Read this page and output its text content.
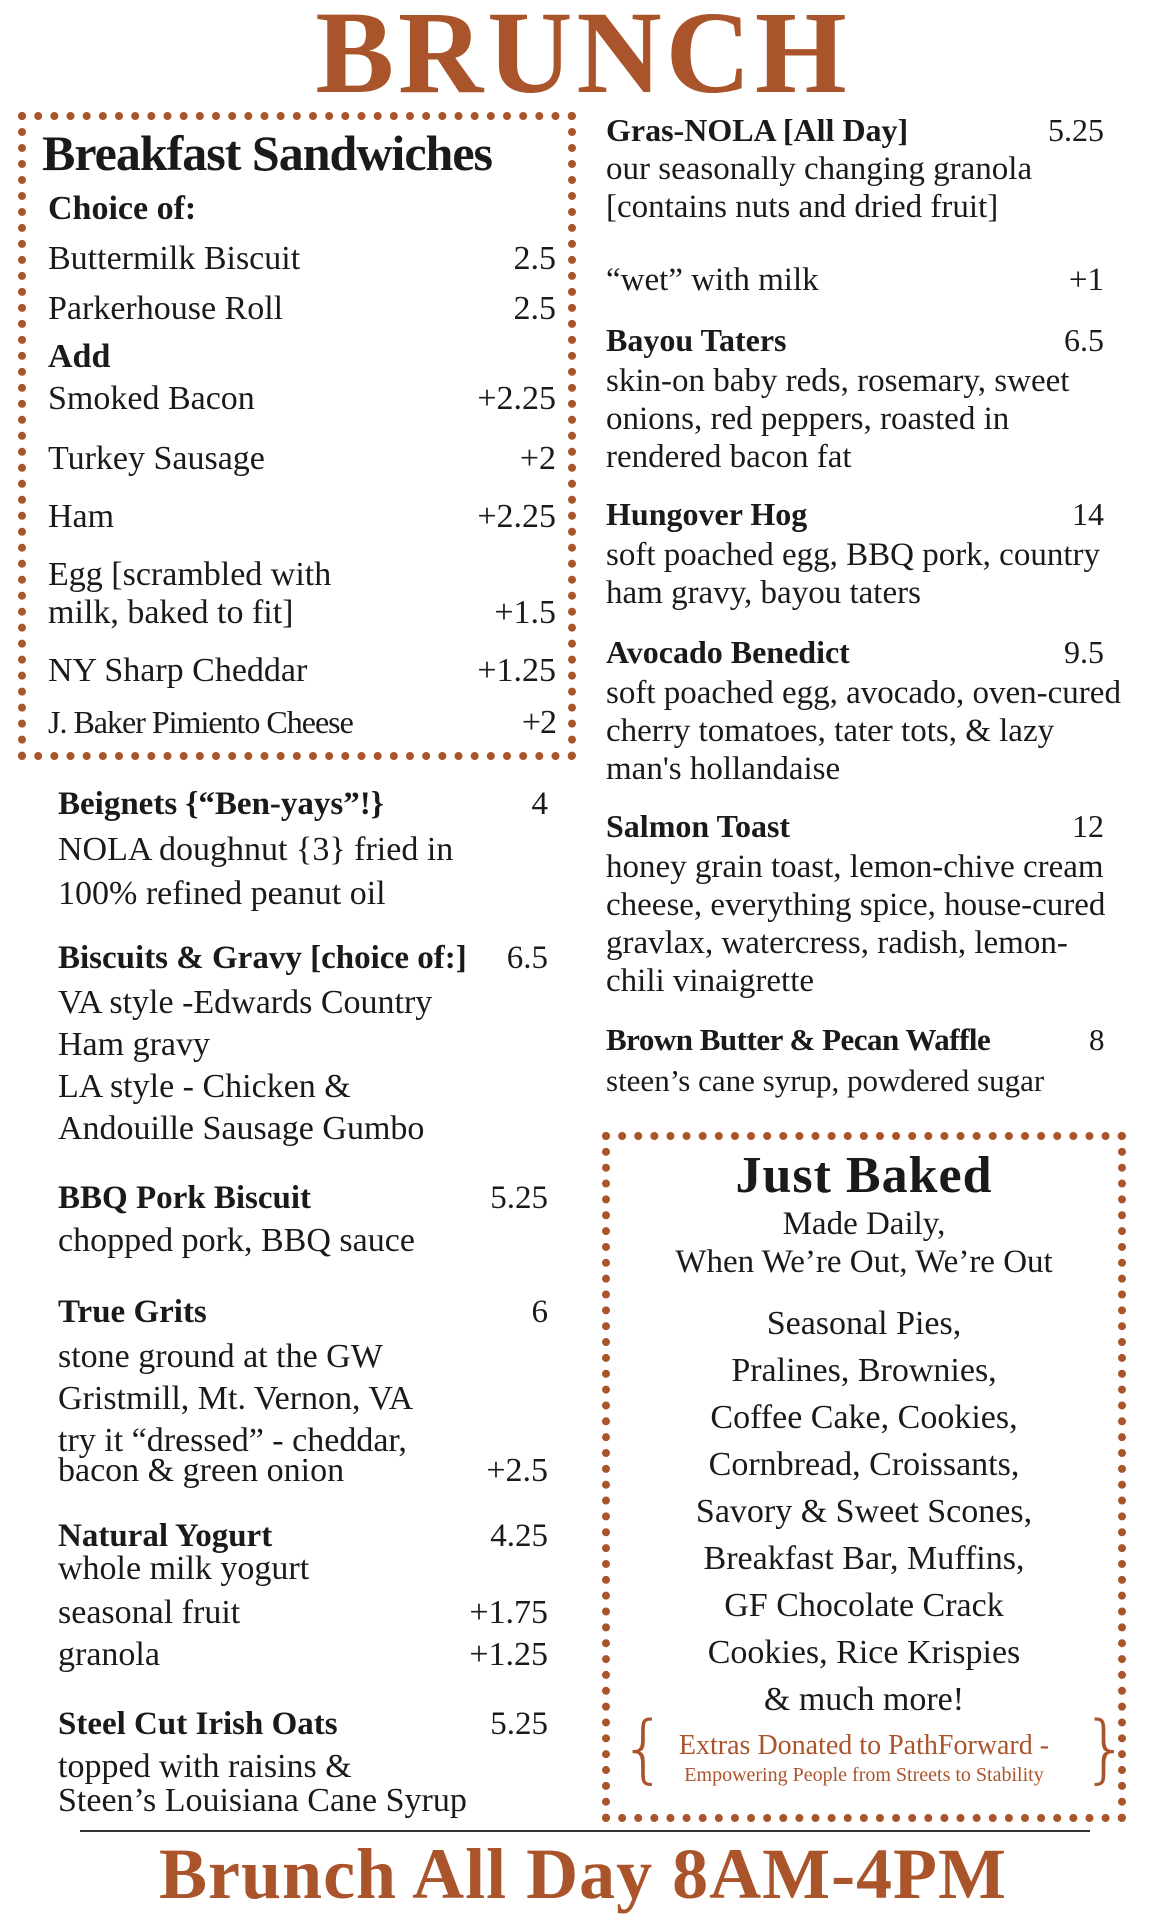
BRUNCH
Breakfast Sandwiches
Choice of:
Buttermilk Biscuit	2.5
Parkerhouse Roll	2.5
Add
Smoked Bacon	+2.25
Turkey Sausage	+2
Ham	+2.25
Egg [scrambled with
milk, baked to fit]	+1.5
NY Sharp Cheddar	+1.25
J. Baker Pimiento Cheese	+2
Beignets {“Ben-yays”!}	4
NOLA doughnut {3} fried in
100% refined peanut oil
Biscuits & Gravy [choice of:] 6.5
VA style -Edwards Country
Ham gravy
LA style - Chicken &
Andouille Sausage Gumbo
BBQ Pork Biscuit	5.25
chopped pork, BBQ sauce
True Grits	6
stone ground at the GW
Gristmill, Mt. Vernon, VA
try it “dressed” - cheddar,
bacon & green onion	+2.5
Natural Yogurt	4.25
whole milk yogurt
seasonal fruit	+1.75
granola	+1.25
Steel Cut Irish Oats	5.25
topped with raisins &
Steen’s Louisiana Cane Syrup
Gras-NOLA [All Day]	5.25
our seasonally changing granola [contains nuts and dried fruit]
“wet” with milk	+1
Bayou Taters	6.5
skin-on baby reds, rosemary, sweet onions, red peppers, roasted in rendered bacon fat
Hungover Hog	14
soft poached egg, BBQ pork, country ham gravy, bayou taters
Avocado Benedict	9.5
soft poached egg, avocado, oven-cured cherry tomatoes, tater tots, & lazy man's hollandaise
Salmon Toast	12
honey grain toast, lemon-chive cream cheese, everything spice, house-cured gravlax, watercress, radish, lemon-chili vinaigrette
Brown Butter & Pecan Waffle	8
steen’s cane syrup, powdered sugar
Just Baked
Made Daily,
When We’re Out, We’re Out
Seasonal Pies,
Pralines, Brownies,
Coffee Cake, Cookies,
Cornbread, Croissants,
Savory & Sweet Scones,
Breakfast Bar, Muffins,
GF Chocolate Crack
Cookies, Rice Krispies
& much more!
{	}
Extras Donated to PathForward -
Empowering People from Streets to Stability
Brunch All Day 8AM-4PM
